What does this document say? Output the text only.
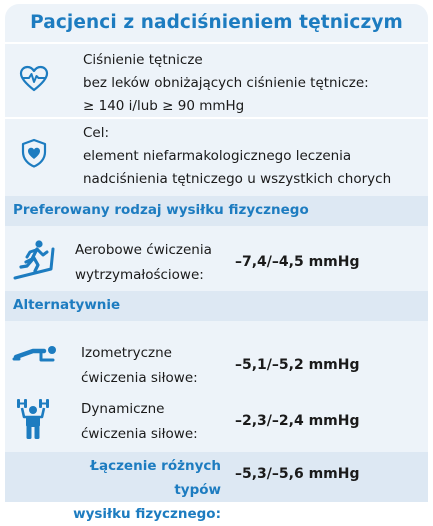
Pacjenci z nadciśnieniem tętniczym
Ciśnienie tętnicze
bez leków obniżających ciśnienie tętnicze:
≥ 140 i/lub ≥ 90 mmHg
Cel:
element niefarmakologicznego leczenia
nadciśnienia tętniczego u wszystkich chorych
Preferowany rodzaj wysiłku fizycznego
Aerobowe ćwiczenia
wytrzymałościowe:
–7,4/–4,5 mmHg
Alternatywnie
Izometryczne
ćwiczenia siłowe:
–5,1/–5,2 mmHg
Dynamiczne
ćwiczenia siłowe:
–2,3/–2,4 mmHg
Łączenie różnych typów
wysiłku fizycznego:
–5,3/–5,6 mmHg
